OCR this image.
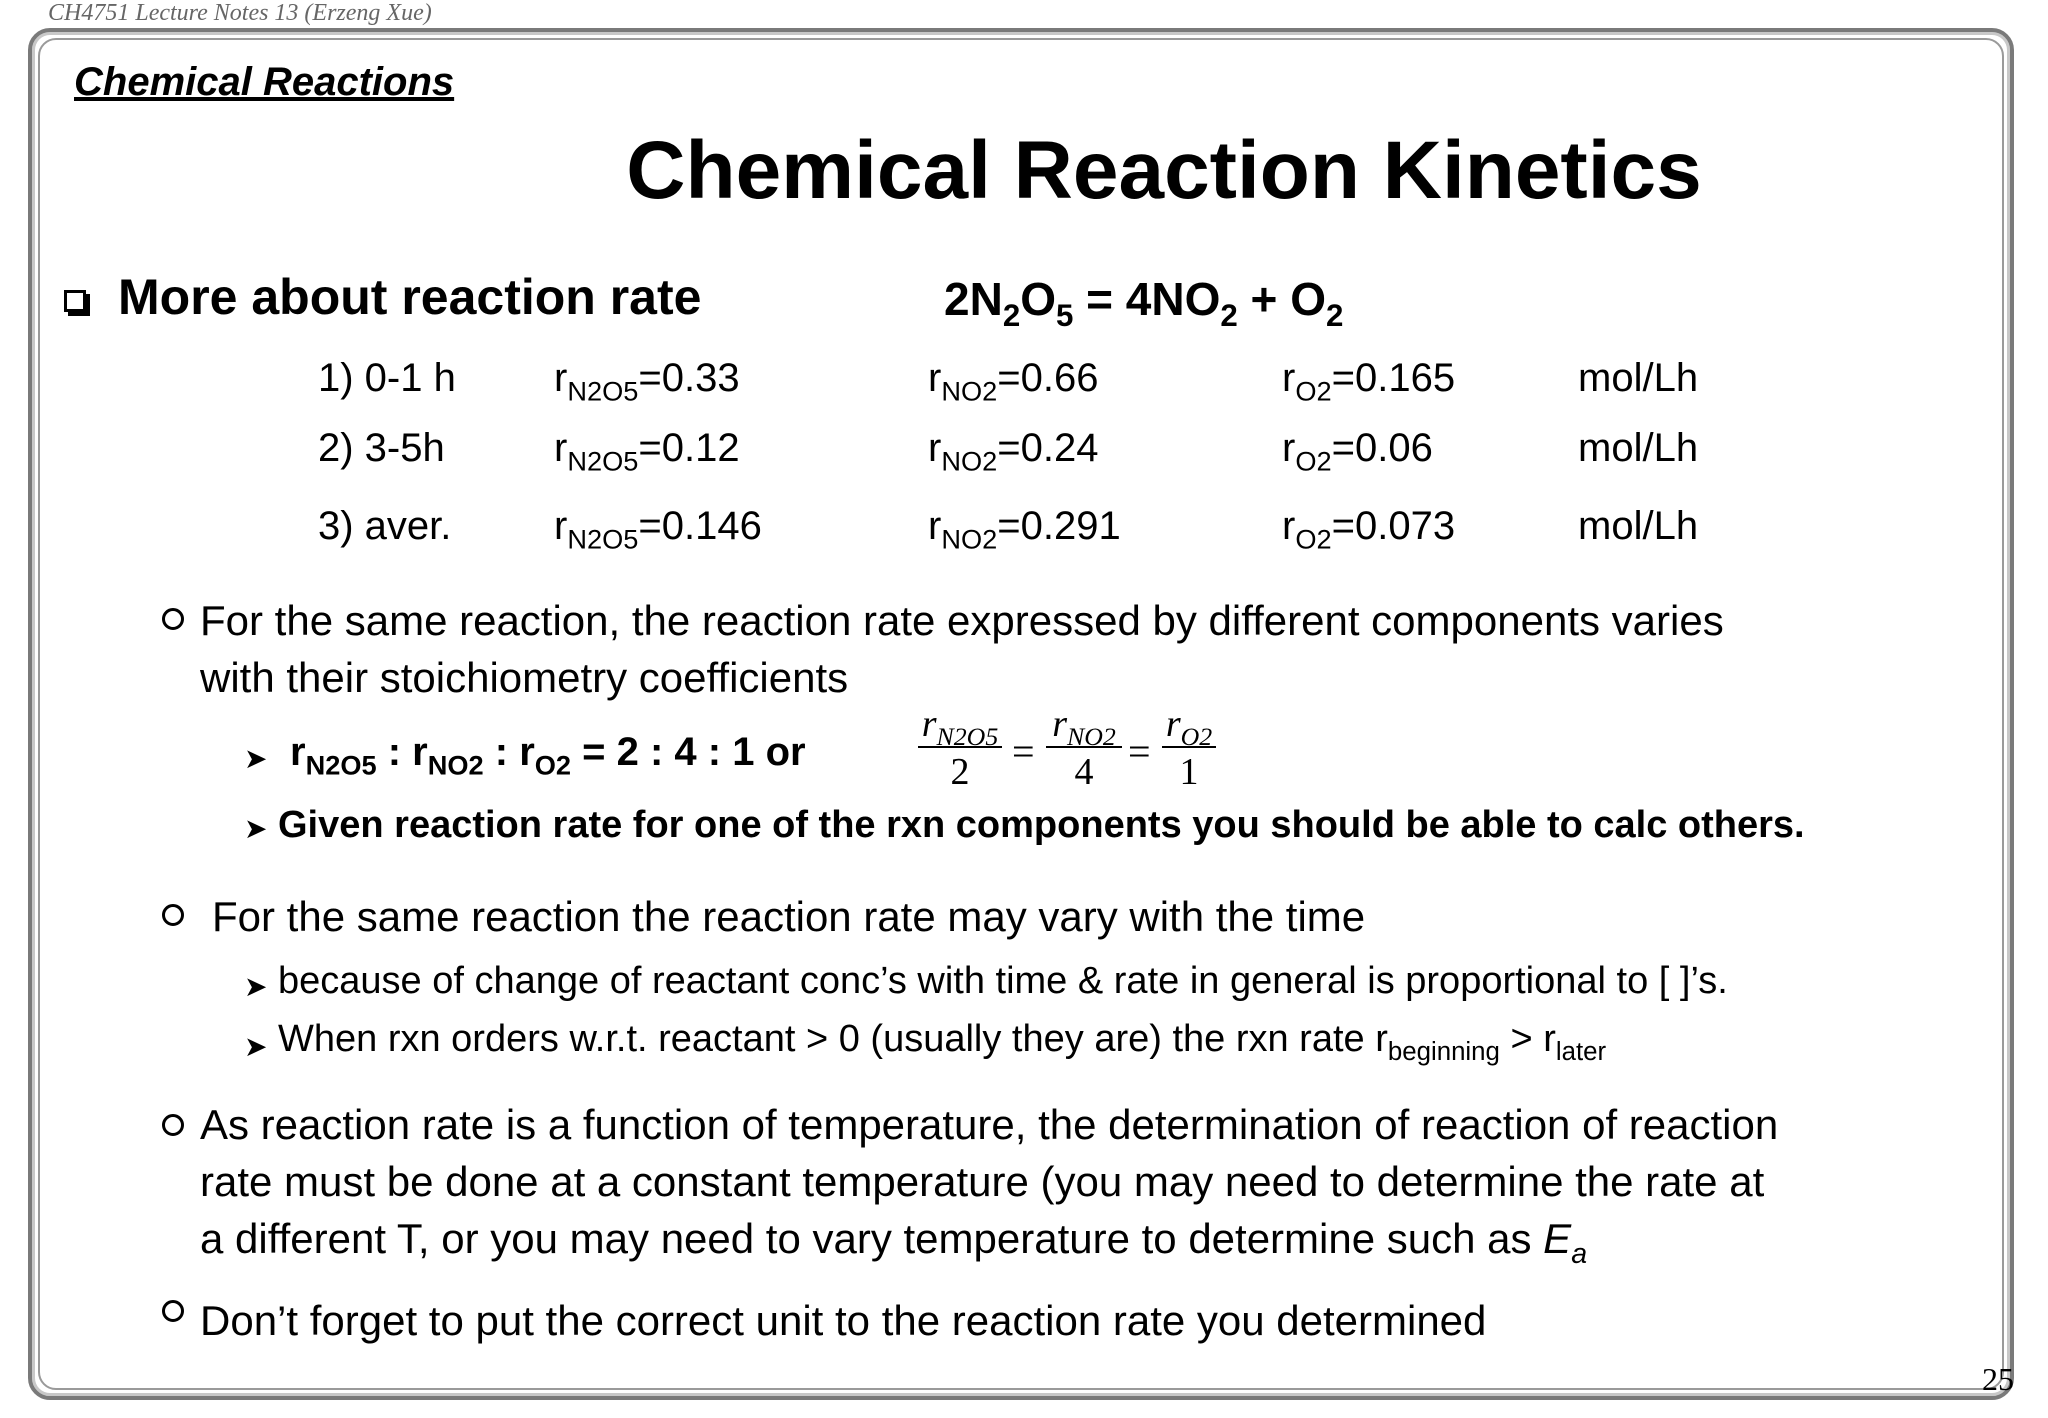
CH4751 Lecture Notes 13 (Erzeng Xue)
Chemical Reactions
Chemical Reaction Kinetics
More about reaction rate	$2N_2O_5 = 4NO_2 + O_2$
1) 0-1 h $r_{N2O5}=0.33$	$r_{NO2}=0.66$	$r_{O2}=0.165$	mol/Lh
2) 3-5h	$r_{N2O5}=0.12$	$r_{NO2}=0.24$	$r_{O2}=0.06$	mol/Lh
3) aver.	$r_{N2O5}=0.146$	$r_{NO2}=0.291$	$r_{O2}=0.073$	mol/Lh
For the same reaction, the reaction rate expressed by different components varies
with their stoichiometry coefficients
➤ $r_{N2O5}$ : $r_{NO2}$ : $r_{O2} = 2$ : 4 : 1 or	$\frac{r_{N2O5}}{2}$ =
$r_{NO2}$
$4 = \frac{r_{O2}}{1}$
➤ Given reaction rate for one of the rxn components you should be able to calc others.
For the same reaction the reaction rate may vary with the time
➤ because of change of reactant conc’s with time & rate in general is proportional to [ ]’s.
➤ When rxn orders w.r.t. reactant > 0 (usually they are) the rxn rate $r_{beginning} > r_{later}$
As reaction rate is a function of temperature, the determination of reaction of reaction
rate must be done at a constant temperature (you may need to determine the rate at
a different T, or you may need to vary temperature to determine such as $E_a$
Don’t forget to put the correct unit to the reaction rate you determined
25
